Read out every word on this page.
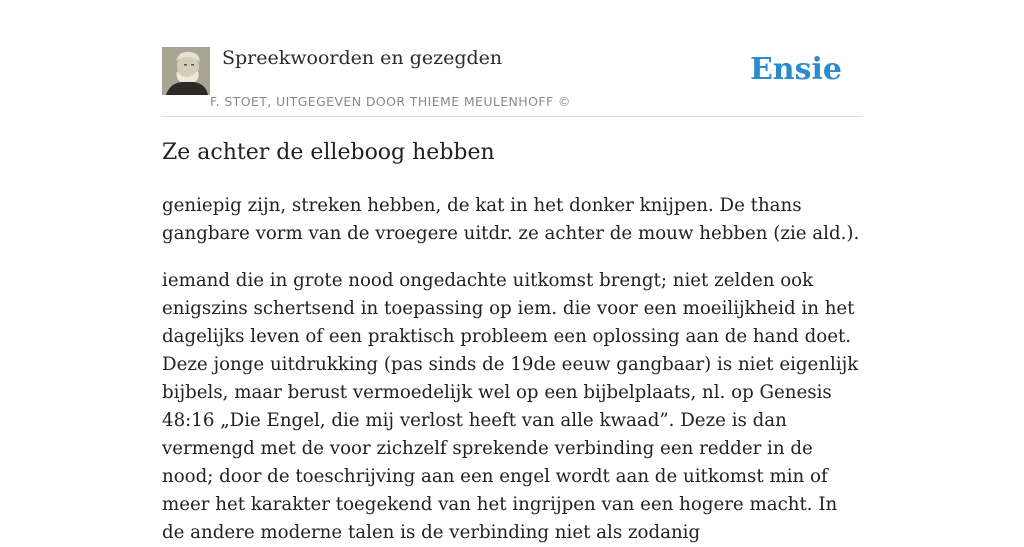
Spreekwoorden en gezegden
F. STOET, UITGEGEVEN DOOR THIEME MEULENHOFF ©
Ensie
Ze achter de elleboog hebben

geniepig zijn, streken hebben, de kat in het donker knijpen. De thans gangbare vorm van de vroegere uitdr. ze achter de mouw hebben (zie ald.).

iemand die in grote nood ongedachte uitkomst brengt; niet zelden ook enigszins schertsend in toepassing op iem. die voor een moeilijkheid in het dagelijks leven of een praktisch probleem een oplossing aan de hand doet. Deze jonge uitdrukking (pas sinds de 19de eeuw gangbaar) is niet eigenlijk bijbels, maar berust vermoedelijk wel op een bijbelplaats, nl. op Genesis 48:16 „Die Engel, die mij verlost heeft van alle kwaad”. Deze is dan vermengd met de voor zichzelf sprekende verbinding een redder in de nood; door de toeschrijving aan een engel wordt aan de uitkomst min of meer het karakter toegekend van het ingrijpen van een hogere macht. In de andere moderne talen is de verbinding niet als zodanig
